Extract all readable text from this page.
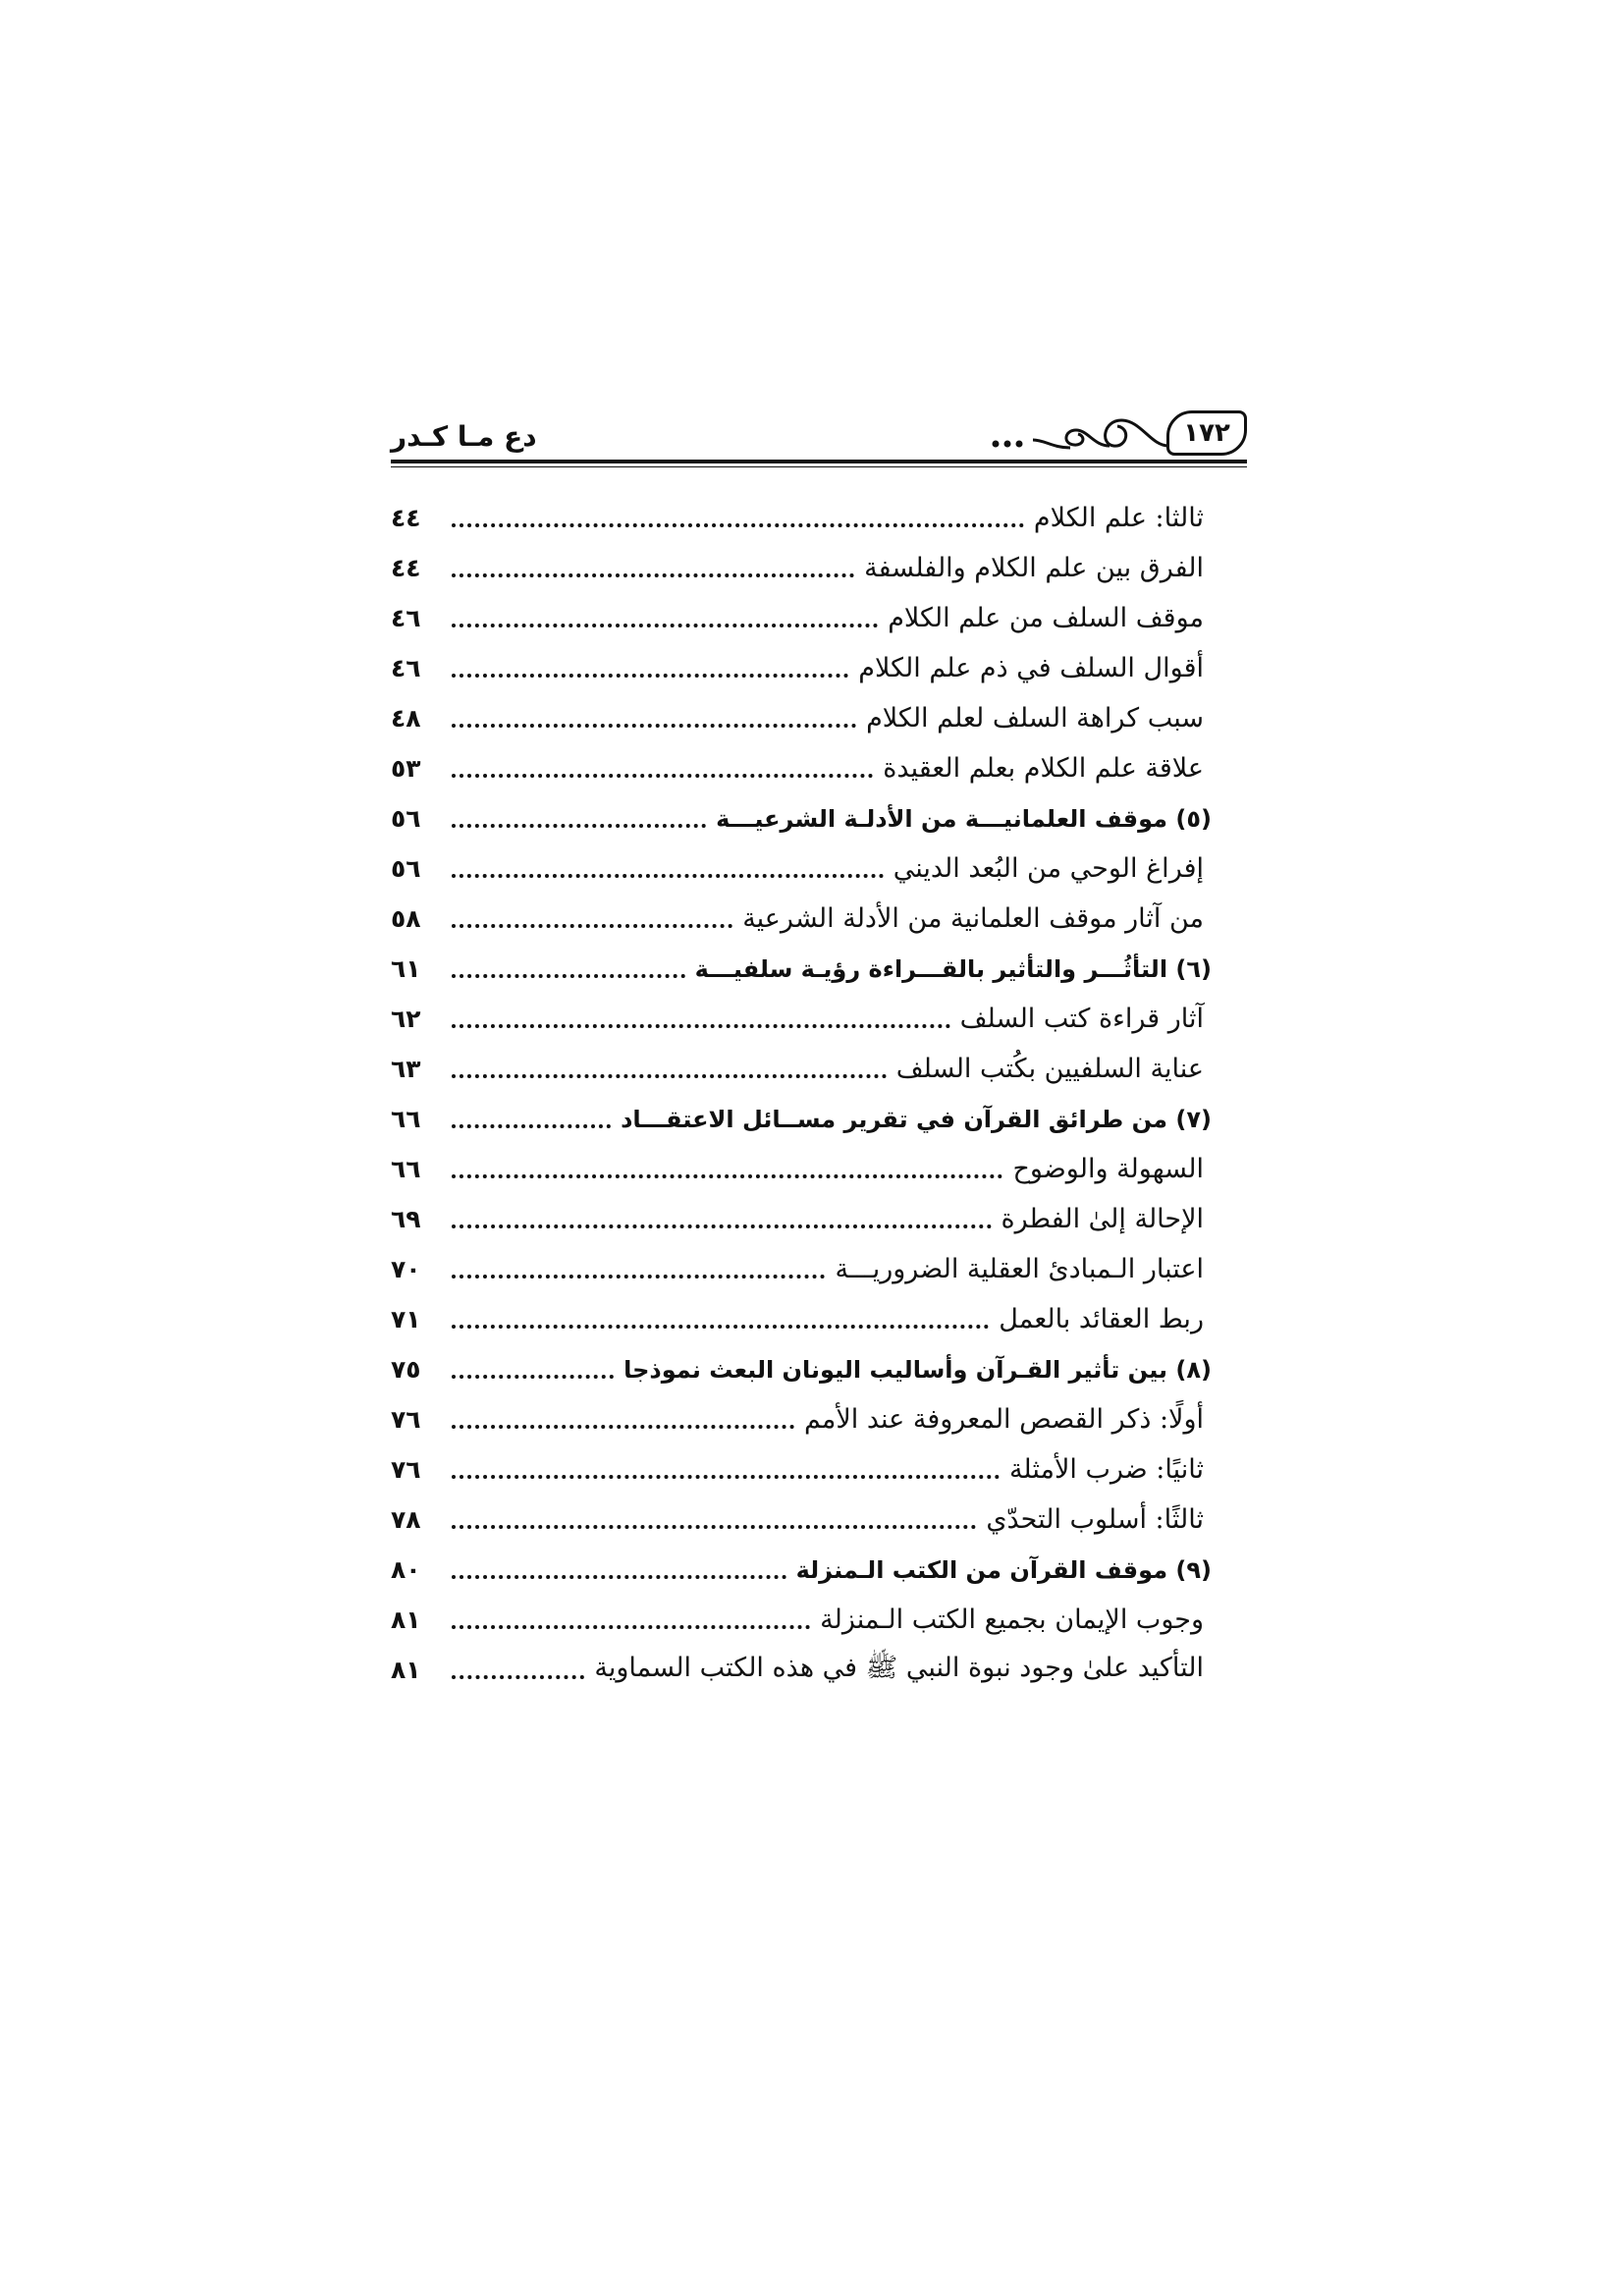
١٧٢
دع مـا كـدر
ثالثا: علم الكلام
٤٤
الفرق بين علم الكلام والفلسفة
٤٤
موقف السلف من علم الكلام
٤٦
أقوال السلف في ذم علم الكلام
٤٦
سبب كراهة السلف لعلم الكلام
٤٨
علاقة علم الكلام بعلم العقيدة
٥٣
(٥) موقف العلمانيـــة من الأدلـة الشرعيـــة
٥٦
إفراغ الوحي من البُعد الديني
٥٦
من آثار موقف العلمانية من الأدلة الشرعية
٥٨
(٦) التأثُـــر والتأثير بالقـــراءة رؤيـة سلفيـــة
٦١
آثار قراءة كتب السلف
٦٢
عناية السلفيين بكُتب السلف
٦٣
(٧) من طرائق القرآن في تقرير مســائل الاعتقـــاد
٦٦
السهولة والوضوح
٦٦
الإحالة إلىٰ الفطرة
٦٩
اعتبار الـمبادئ العقلية الضروريـــة
٧٠
ربط العقائد بالعمل
٧١
(٨) بين تأثير القـرآن وأساليب اليونان البعث نموذجا
٧٥
أولًا: ذكر القصص المعروفة عند الأمم
٧٦
ثانيًا: ضرب الأمثلة
٧٦
ثالثًا: أسلوب التحدّي
٧٨
(٩) موقف القرآن من الكتب الـمنزلة
٨٠
وجوب الإيمان بجميع الكتب الـمنزلة
٨١
التأكيد علىٰ وجود نبوة النبي ﷺ في هذه الكتب السماوية
٨١
